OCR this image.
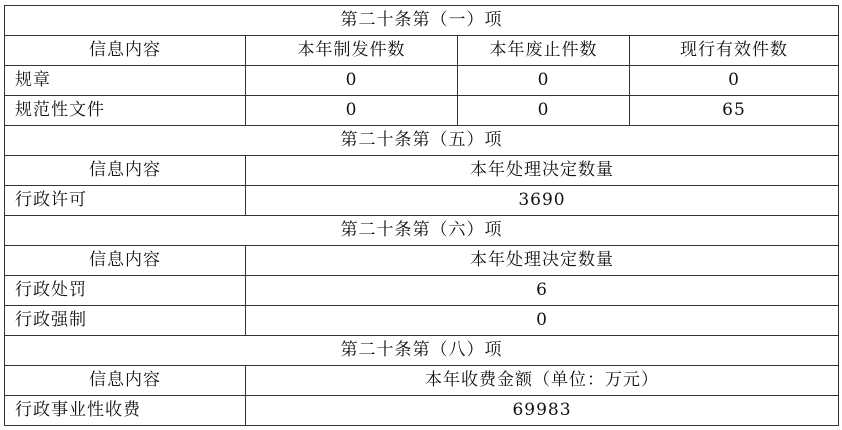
第二十条第（一）项			
信息内容	本年制发件数	本年废止件数	现行有效件数
规章	0	0	0
规范性文件	0	0	65
第二十条第（五）项			
信息内容	本年处理决定数量		
行政许可	3690		
第二十条第（六）项			
信息内容	本年处理决定数量		
行政处罚	6		
行政强制	0		
第二十条第（八）项			
信息内容	本年收费金额（单位：万元）		
行政事业性收费	69983		
